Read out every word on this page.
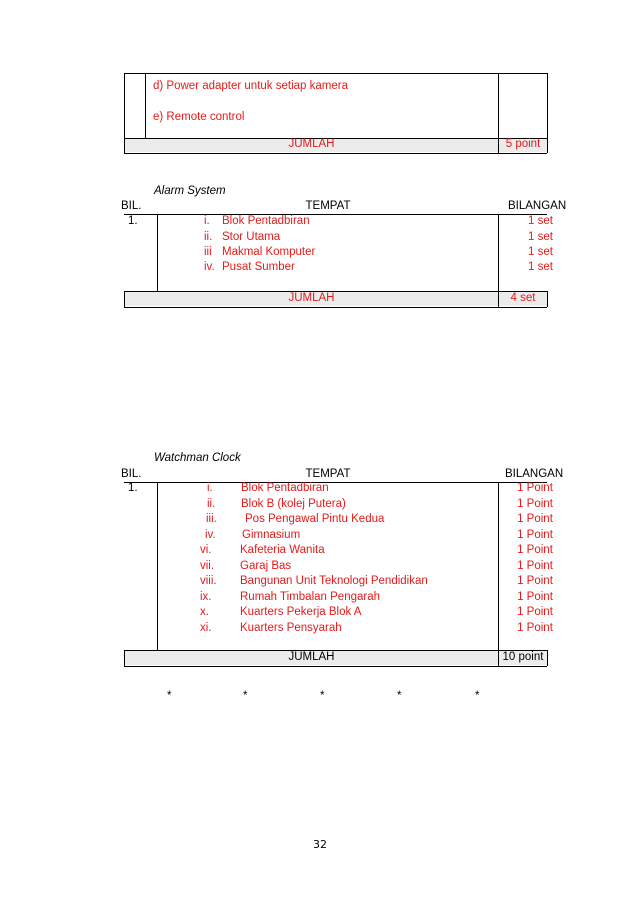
d) Power adapter untuk setiap kamera
e) Remote control
JUMLAH	5 point
Alarm System
BIL.	TEMPAT	BILANGAN
1.	i. Blok Pentadbiran	1 set
ii. Stor Utama	1 set
iii Makmal Komputer	1 set
iv. Pusat Sumber	1 set
JUMLAH	4 set
Watchman Clock
BIL.	TEMPAT	BILANGAN
1.	i. Blok Pentadbiran	1 Point
ii. Blok B (kolej Putera)	1 Point
iii. Pos Pengawal Pintu Kedua	1 Point
iv. Gimnasium	1 Point
vi. Kafeteria Wanita	1 Point
vii. Garaj Bas	1 Point
viii. Bangunan Unit Teknologi Pendidikan	1 Point
ix. Rumah Timbalan Pengarah	1 Point
x.	Kuarters Pekerja Blok A	1 Point
xi. Kuarters Pensyarah	1 Point
JUMLAH	10 point
*	*	*	*	*
32
